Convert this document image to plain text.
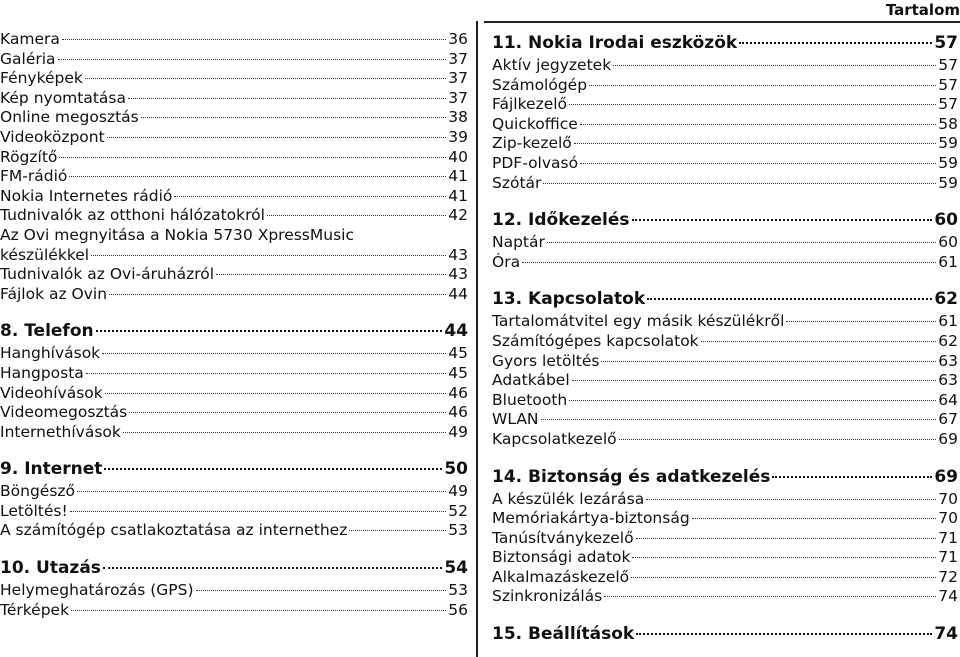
Tartalom
Kamera	36
Galéria	37
Fényképek	37
Kép nyomtatása	37
Online megosztás	38
Videoközpont	39
Rögzítő	40
FM-rádió	41
Nokia Internetes rádió	41
Tudnivalók az otthoni hálózatokról	42
Az Ovi megnyitása a Nokia 5730 XpressMusic
készülékkel	43
Tudnivalók az Ovi-áruházról	43
Fájlok az Ovin	44
8. Telefon	44
Hanghívások	45
Hangposta	45
Videohívások	46
Videomegosztás	46
Internethívások	49
9. Internet	50
Böngésző	49
Letöltés!	52
A számítógép csatlakoztatása az internethez	53
10. Utazás	54
Helymeghatározás (GPS)	53
Térképek	56
11. Nokia Irodai eszközök	57
Aktív jegyzetek	57
Számológép	57
Fájlkezelő	57
Quickoffice	58
Zip-kezelő	59
PDF-olvasó	59
Szótár	59
12. Időkezelés	60
Naptár	60
Óra	61
13. Kapcsolatok	62
Tartalomátvitel egy másik készülékről	61
Számítógépes kapcsolatok	62
Gyors letöltés	63
Adatkábel	63
Bluetooth	64
WLAN	67
Kapcsolatkezelő	69
14. Biztonság és adatkezelés	69
A készülék lezárása	70
Memóriakártya-biztonság	70
Tanúsítványkezelő	71
Biztonsági adatok	71
Alkalmazáskezelő	72
Szinkronizálás	74
15. Beállítások	74
